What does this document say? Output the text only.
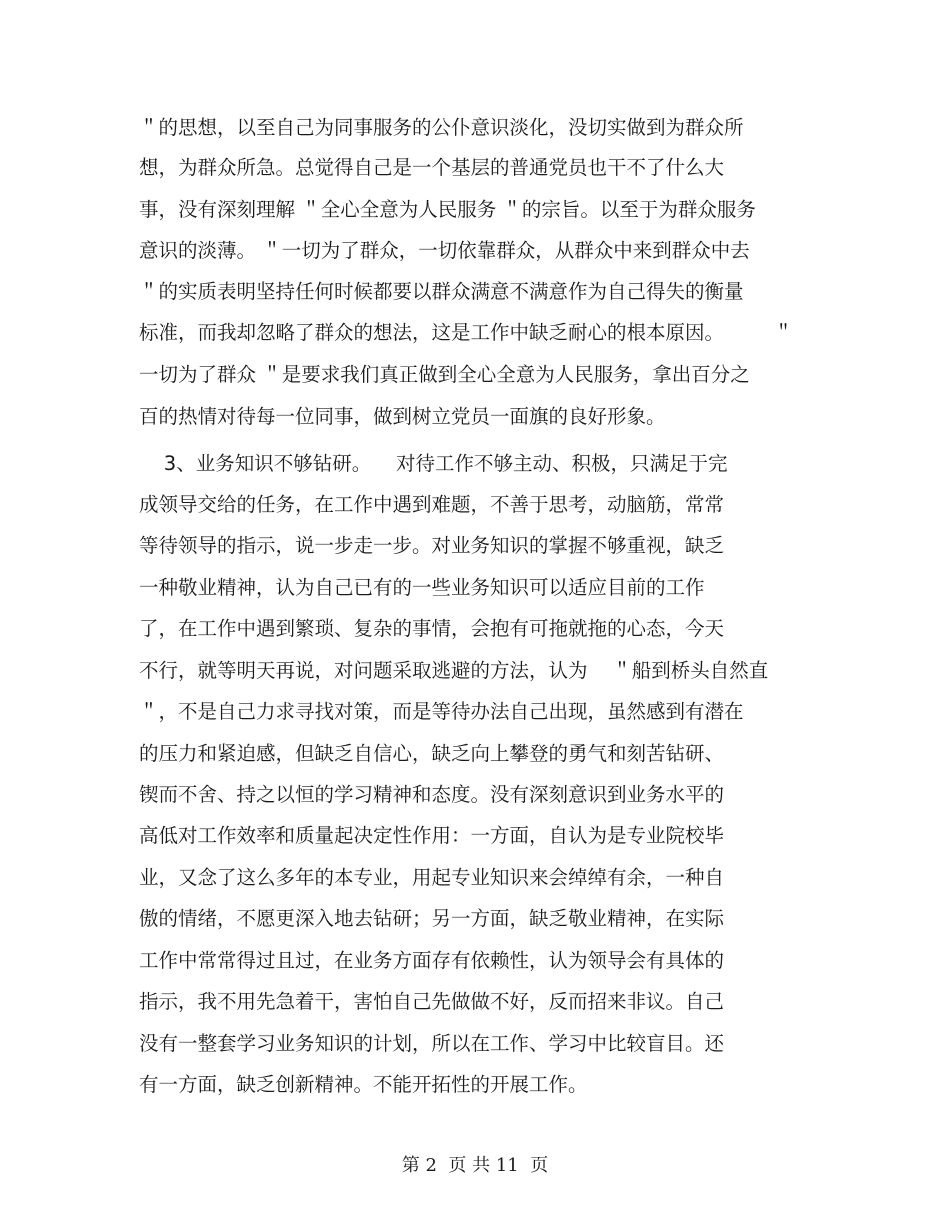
＂的思想，以至自己为同事服务的公仆意识淡化，没切实做到为群众所

想，为群众所急。总觉得自己是一个基层的普通党员也干不了什么大

事，没有深刻理解 ＂全心全意为人民服务 ＂的宗旨。以至于为群众服务

意识的淡薄。 ＂一切为了群众，一切依靠群众，从群众中来到群众中去

＂的实质表明坚持任何时候都要以群众满意不满意作为自己得失的衡量

标准，而我却忽略了群众的想法，这是工作中缺乏耐心的根本原因。        ＂

一切为了群众 ＂是要求我们真正做到全心全意为人民服务，拿出百分之

百的热情对待每一位同事，做到树立党员一面旗的良好形象。

3、业务知识不够钻研。    对待工作不够主动、积极，只满足于完

成领导交给的任务，在工作中遇到难题，不善于思考，动脑筋，常常

等待领导的指示，说一步走一步。对业务知识的掌握不够重视，缺乏

一种敬业精神，认为自己已有的一些业务知识可以适应目前的工作

了，在工作中遇到繁琐、复杂的事情，会抱有可拖就拖的心态，今天

不行，就等明天再说，对问题采取逃避的方法，认为    ＂船到桥头自然直

＂，不是自己力求寻找对策，而是等待办法自己出现，虽然感到有潜在

的压力和紧迫感，但缺乏自信心，缺乏向上攀登的勇气和刻苦钻研、

锲而不舍、持之以恒的学习精神和态度。没有深刻意识到业务水平的

高低对工作效率和质量起决定性作用：一方面，自认为是专业院校毕

业，又念了这么多年的本专业，用起专业知识来会绰绰有余，一种自

傲的情绪，不愿更深入地去钻研；另一方面，缺乏敬业精神，在实际

工作中常常得过且过，在业务方面存有依赖性，认为领导会有具体的

指示，我不用先急着干，害怕自己先做做不好，反而招来非议。自己

没有一整套学习业务知识的计划，所以在工作、学习中比较盲目。还

有一方面，缺乏创新精神。不能开拓性的开展工作。

第 2  页 共 11  页
